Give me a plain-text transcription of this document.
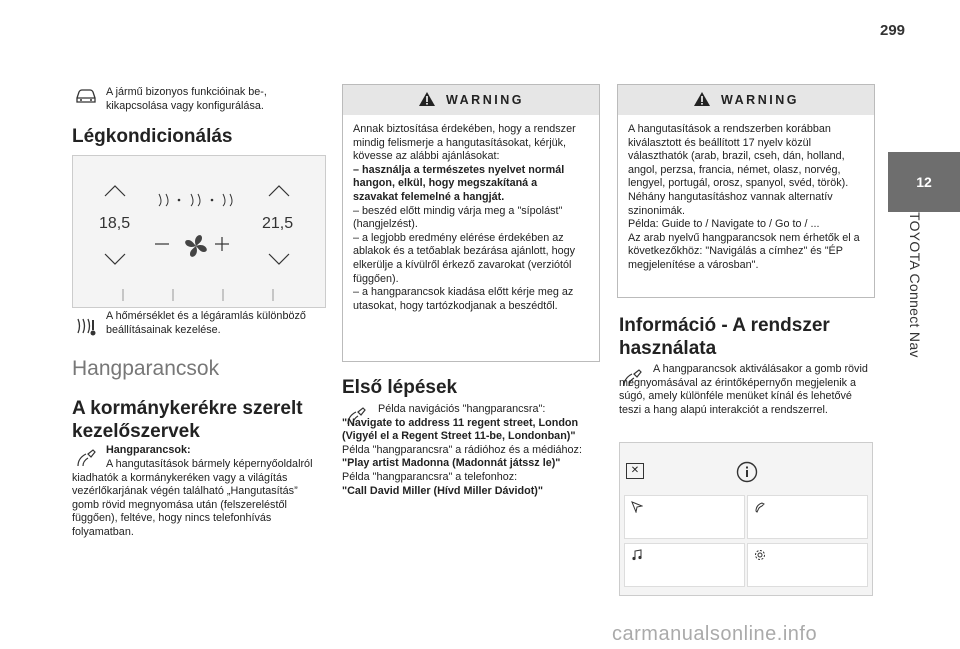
299
12
TOYOTA Connect Nav
A jármű bizonyos funkcióinak be-, kikapcsolása vagy konfigurálása.
Légkondicionálás
18,5	21,5
A hőmérséklet és a légáramlás különböző beállításainak kezelése.
Hangparancsok
A kormánykerékre szerelt kezelőszervek
Hangparancsok:
A hangutasítások bármely képernyőoldalról kiadhatók a kormánykeréken vagy a világítás vezérlőkarjának végén található „Hangutasítás” gomb rövid megnyomása után (felszereléstől függően), feltéve, hogy nincs telefonhívás folyamatban.
WARNING
Annak biztosítása érdekében, hogy a rendszer mindig felismerje a hangutasításokat, kérjük, kövesse az alábbi ajánlásokat:
– használja a természetes nyelvet normál
hangon, elkül, hogy megszakítaná a
szavakat felemelné a hangját.
– beszéd előtt mindig várja meg a "sípolást" (hangjelzést).
– a legjobb eredmény elérése érdekében az ablakok és a tetőablak bezárása ajánlott, hogy elkerülje a kívülről érkező zavarokat (verziótól függően).
– a hangparancsok kiadása előtt kérje meg az utasokat, hogy tartózkodjanak a beszédtől.
Első lépések
Példa navigációs "hangparancsra":
"Navigate to address 11 regent street, London (Vigyél el a Regent Street 11-be, Londonban)"
Példa "hangparancsra" a rádióhoz és a médiához:
"Play artist Madonna (Madonnát játssz le)"
Példa "hangparancsra" a telefonhoz:
"Call David Miller (Hívd Miller Dávidot)"
WARNING
A hangutasítások a rendszerben korábban kiválasztott és beállított 17 nyelv közül választhatók (arab, brazil, cseh, dán, holland, angol, perzsa, francia, német, olasz, norvég, lengyel, portugál, orosz, spanyol, svéd, török). Néhány hangutasításhoz vannak alternatív szinonimák.
Példa: Guide to / Navigate to / Go to / ...
Az arab nyelvű hangparancsok nem érhetők el a következőkhöz: "Navigálás a címhez" és "ÉP megjelenítése a városban".
Információ - A rendszer használata
A hangparancsok aktiválásakor a gomb rövid megnyomásával az érintőképernyőn megjelenik a súgó, amely különféle menüket kínál és lehetővé teszi a hang alapú interakciót a rendszerrel.
✕
carmanualsonline.info
